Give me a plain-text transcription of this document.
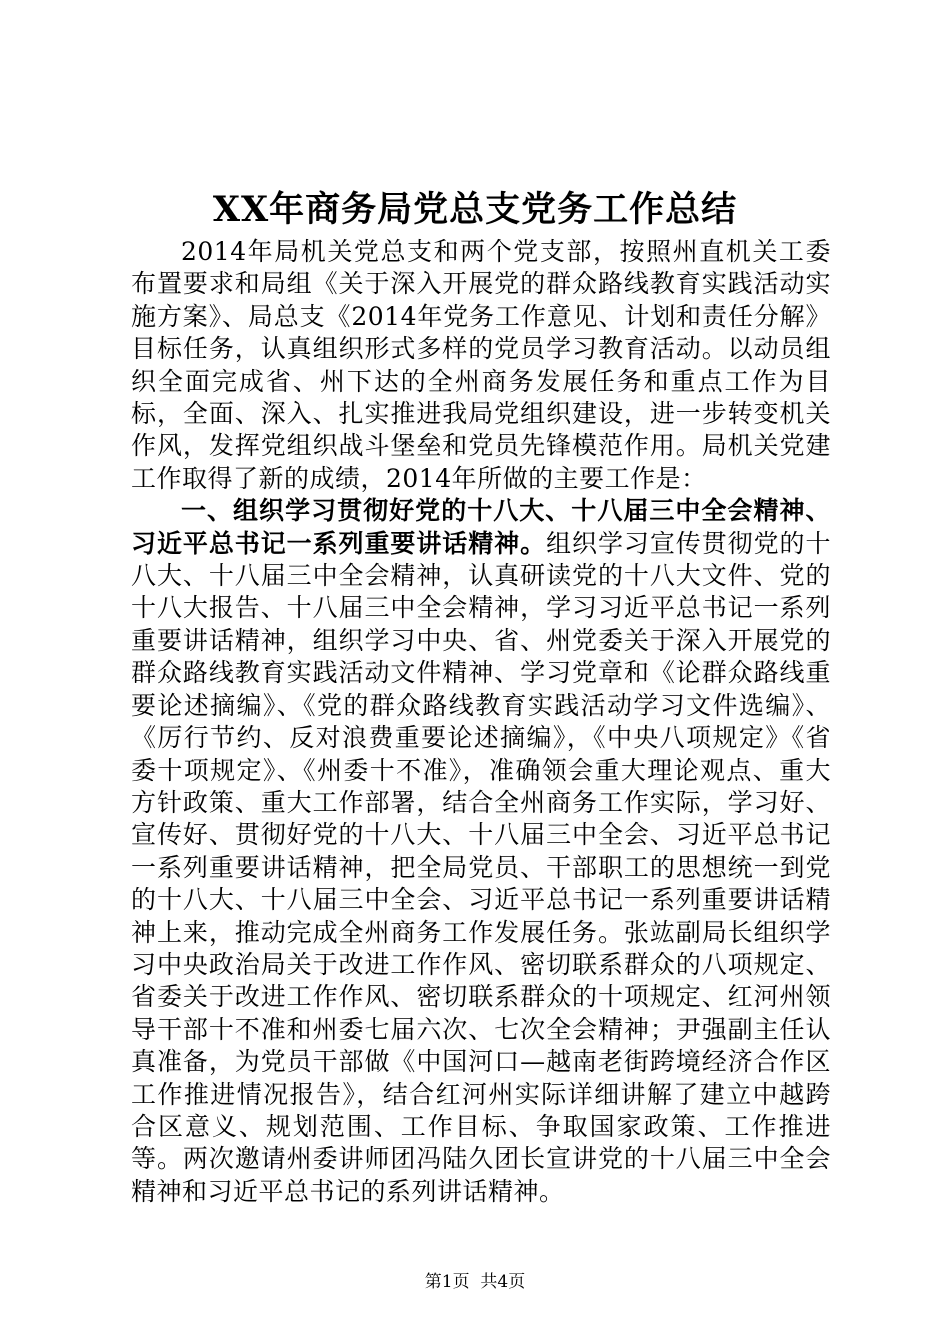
XX年商务局党总支党务工作总结

2014年局机关党总支和两个党支部，按照州直机关工委布置要求和局组《关于深入开展党的群众路线教育实践活动实施方案》、局总支《2014年党务工作意见、计划和责任分解》目标任务，认真组织形式多样的党员学习教育活动。以动员组织全面完成省、州下达的全州商务发展任务和重点工作为目标，全面、深入、扎实推进我局党组织建设，进一步转变机关作风，发挥党组织战斗堡垒和党员先锋模范作用。局机关党建工作取得了新的成绩，2014年所做的主要工作是：

一、组织学习贯彻好党的十八大、十八届三中全会精神、习近平总书记一系列重要讲话精神。组织学习宣传贯彻党的十八大、十八届三中全会精神，认真研读党的十八大文件、党的十八大报告、十八届三中全会精神，学习习近平总书记一系列重要讲话精神，组织学习中央、省、州党委关于深入开展党的群众路线教育实践活动文件精神、学习党章和《论群众路线重要论述摘编》、《党的群众路线教育实践活动学习文件选编》、《厉行节约、反对浪费重要论述摘编》，《中央八项规定》《省委十项规定》、《州委十不准》，准确领会重大理论观点、重大方针政策、重大工作部署，结合全州商务工作实际，学习好、宣传好、贯彻好党的十八大、十八届三中全会、习近平总书记一系列重要讲话精神，把全局党员、干部职工的思想统一到党的十八大、十八届三中全会、习近平总书记一系列重要讲话精神上来，推动完成全州商务工作发展任务。张竑副局长组织学习中央政治局关于改进工作作风、密切联系群众的八项规定、省委关于改进工作作风、密切联系群众的十项规定、红河州领导干部十不准和州委七届六次、七次全会精神；尹强副主任认真准备，为党员干部做《中国河口—越南老街跨境经济合作区工作推进情况报告》，结合红河州实际详细讲解了建立中越跨合区意义、规划范围、工作目标、争取国家政策、工作推进等。两次邀请州委讲师团冯陆久团长宣讲党的十八届三中全会精神和习近平总书记的系列讲话精神。

第1页 共4页
